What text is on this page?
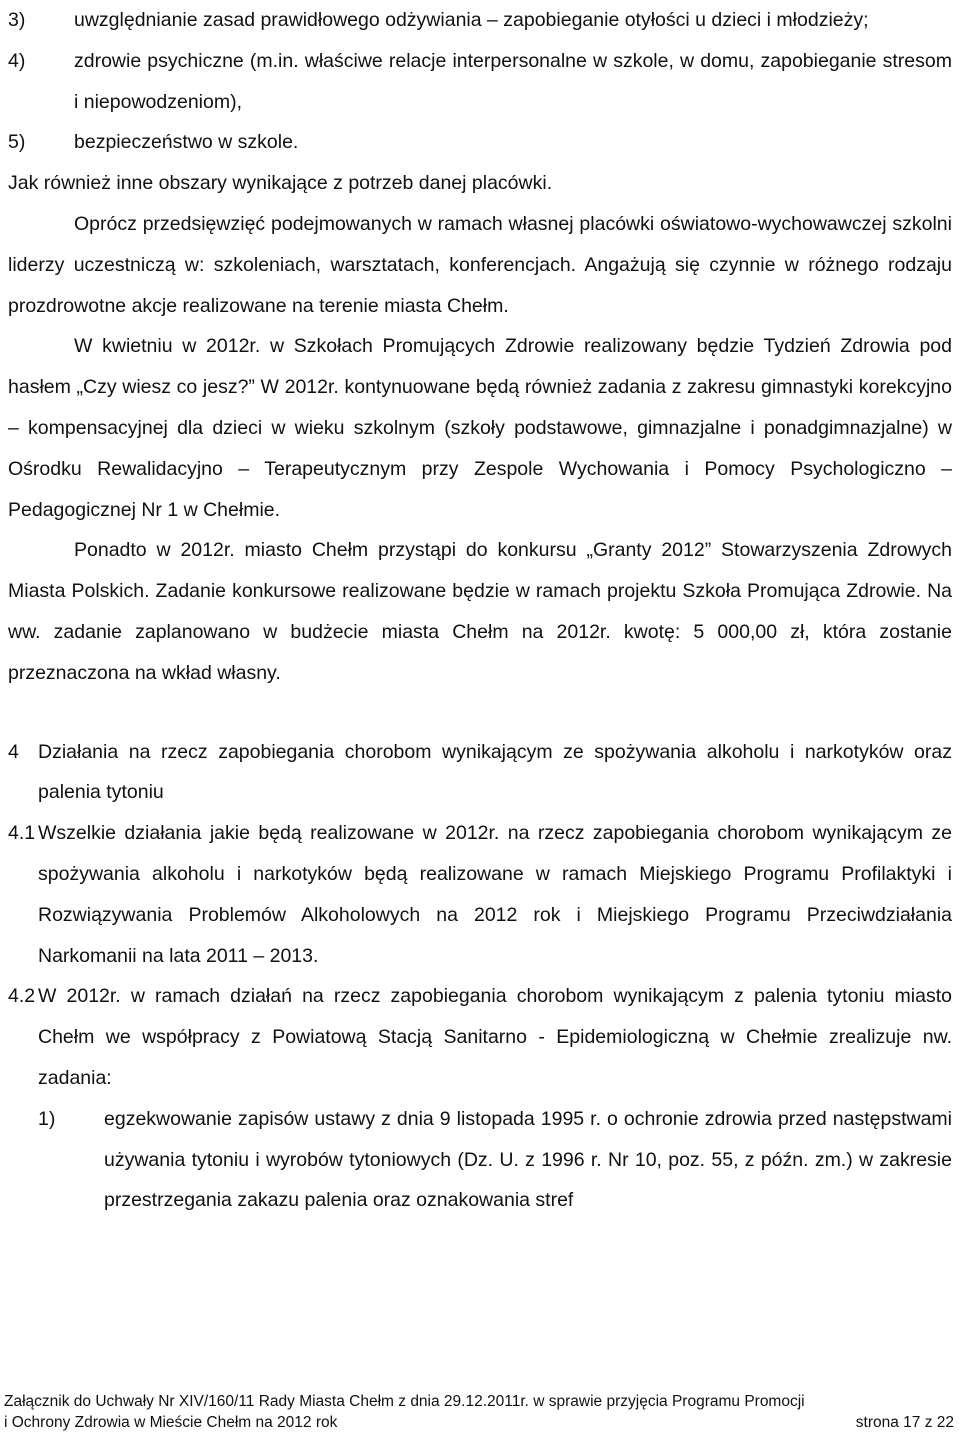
3)	uwzględnianie zasad prawidłowego odżywiania – zapobieganie otyłości u dzieci i młodzieży;
4)	zdrowie psychiczne (m.in. właściwe relacje interpersonalne w szkole, w domu, zapobieganie stresom i niepowodzeniom),
5)	bezpieczeństwo w szkole.

Jak również inne obszary wynikające z potrzeb danej placówki.

Oprócz przedsięwzięć podejmowanych w ramach własnej placówki oświatowo-wychowawczej szkolni liderzy uczestniczą w: szkoleniach, warsztatach, konferencjach. Angażują się czynnie w różnego rodzaju prozdrowotne akcje realizowane na terenie miasta Chełm.

W kwietniu w 2012r. w Szkołach Promujących Zdrowie realizowany będzie Tydzień Zdrowia pod hasłem „Czy wiesz co jesz?” W 2012r. kontynuowane będą również zadania z zakresu gimnastyki korekcyjno – kompensacyjnej dla dzieci w wieku szkolnym (szkoły podstawowe, gimnazjalne i ponadgimnazjalne) w Ośrodku Rewalidacyjno – Terapeutycznym przy Zespole Wychowania i Pomocy Psychologiczno – Pedagogicznej Nr 1 w Chełmie.

Ponadto w 2012r. miasto Chełm przystąpi do konkursu „Granty 2012” Stowarzyszenia Zdrowych Miasta Polskich. Zadanie konkursowe realizowane będzie w ramach projektu Szkoła Promująca Zdrowie. Na ww. zadanie zaplanowano w budżecie miasta Chełm na 2012r. kwotę: 5 000,00 zł, która zostanie przeznaczona na wkład własny.

4 Działania na rzecz zapobiegania chorobom wynikającym ze spożywania alkoholu i narkotyków oraz palenia tytoniu
4.1 Wszelkie działania jakie będą realizowane w 2012r. na rzecz zapobiegania chorobom wynikającym ze spożywania alkoholu i narkotyków będą realizowane w ramach Miejskiego Programu Profilaktyki i Rozwiązywania Problemów Alkoholowych na 2012 rok i Miejskiego Programu Przeciwdziałania Narkomanii na lata 2011 – 2013.
4.2 W 2012r. w ramach działań na rzecz zapobiegania chorobom wynikającym z palenia tytoniu miasto Chełm we współpracy z Powiatową Stacją Sanitarno - Epidemiologiczną w Chełmie zrealizuje nw. zadania:
1)	egzekwowanie zapisów ustawy z dnia 9 listopada 1995 r. o ochronie zdrowia przed następstwami używania tytoniu i wyrobów tytoniowych (Dz. U. z 1996 r. Nr 10, poz. 55, z późn. zm.) w zakresie przestrzegania zakazu palenia oraz oznakowania stref
Załącznik do Uchwały Nr XIV/160/11 Rady Miasta Chełm z dnia 29.12.2011r. w sprawie przyjęcia Programu Promocji
i Ochrony Zdrowia w Mieście Chełm na 2012 rok	strona 17 z 22
